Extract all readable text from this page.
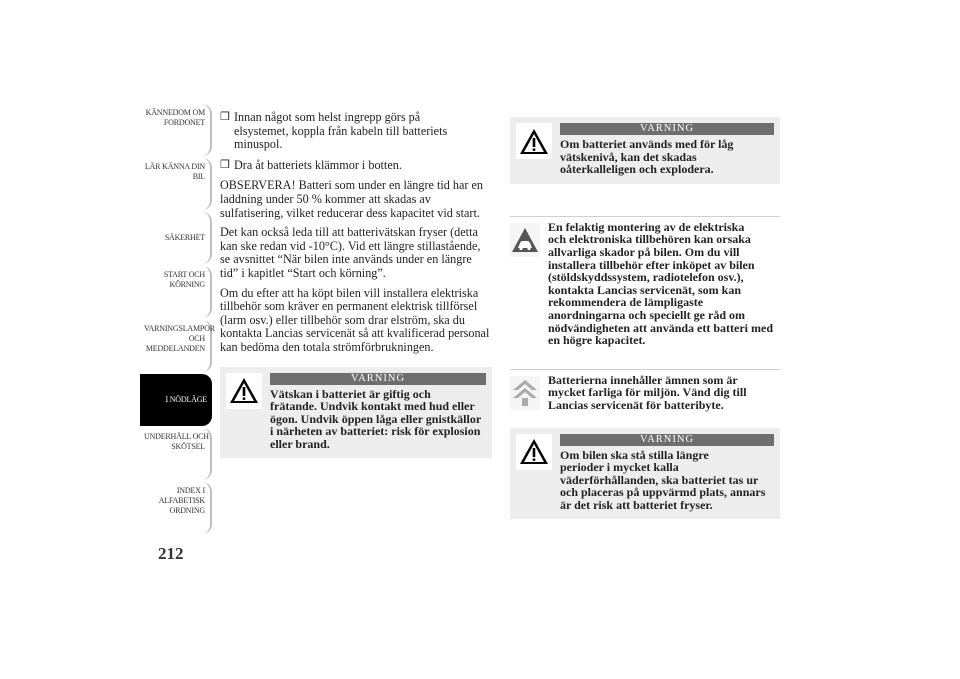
KÄNNEDOM OM
FORDONET
LÄR KÄNNA DIN
BIL
SÄKERHET
START OCH
KÖRNING
VARNINGSLAMPOR
OCH
MEDDELANDEN
I NÖDLÄGE
UNDERHÅLL OCH
SKÖTSEL
INDEX I
ALFABETISK
ORDNING
212
❒ Innan något som helst ingrepp görs på
elsystemet, koppla från kabeln till batteriets minuspol.
❒ Dra åt batteriets klämmor i botten.

OBSERVERA! Batteri som under en längre tid har en laddning under 50 % kommer att skadas av sulfatisering, vilket reducerar dess kapacitet vid start.

Det kan också leda till att batterivätskan fryser (detta kan ske redan vid -10°C). Vid ett längre stillastående, se avsnittet “När bilen inte används under en längre tid” i kapitlet “Start och körning”.

Om du efter att ha köpt bilen vill installera elektriska tillbehör som kräver en permanent elektrisk tillförsel (larm osv.) eller tillbehör som drar elström, ska du kontakta Lancias servicenät så att kvalificerad personal kan bedöma den totala strömförbrukningen.

VARNING
Vätskan i batteriet är giftig och
frätande. Undvik kontakt med hud eller ögon. Undvik öppen låga eller gnistkällor i närheten av batteriet: risk för explosion eller brand.
VARNING
Om batteriet används med för låg
vätskenivå, kan det skadas oåterkalleligen och explodera.
En felaktig montering av de elektriska
och elektroniska tillbehören kan orsaka allvarliga skador på bilen. Om du vill installera tillbehör efter inköpet av bilen (stöldskyddssystem, radiotelefon osv.), kontakta Lancias servicenät, som kan rekommendera de lämpligaste anordningarna och speciellt ge råd om nödvändigheten att använda ett batteri med en högre kapacitet.
Batterierna innehåller ämnen som är
mycket farliga för miljön. Vänd dig till Lancias servicenät för batteribyte.
VARNING
Om bilen ska stå stilla längre
perioder i mycket kalla väderförhållanden, ska batteriet tas ur och placeras på uppvärmd plats, annars är det risk att batteriet fryser.
